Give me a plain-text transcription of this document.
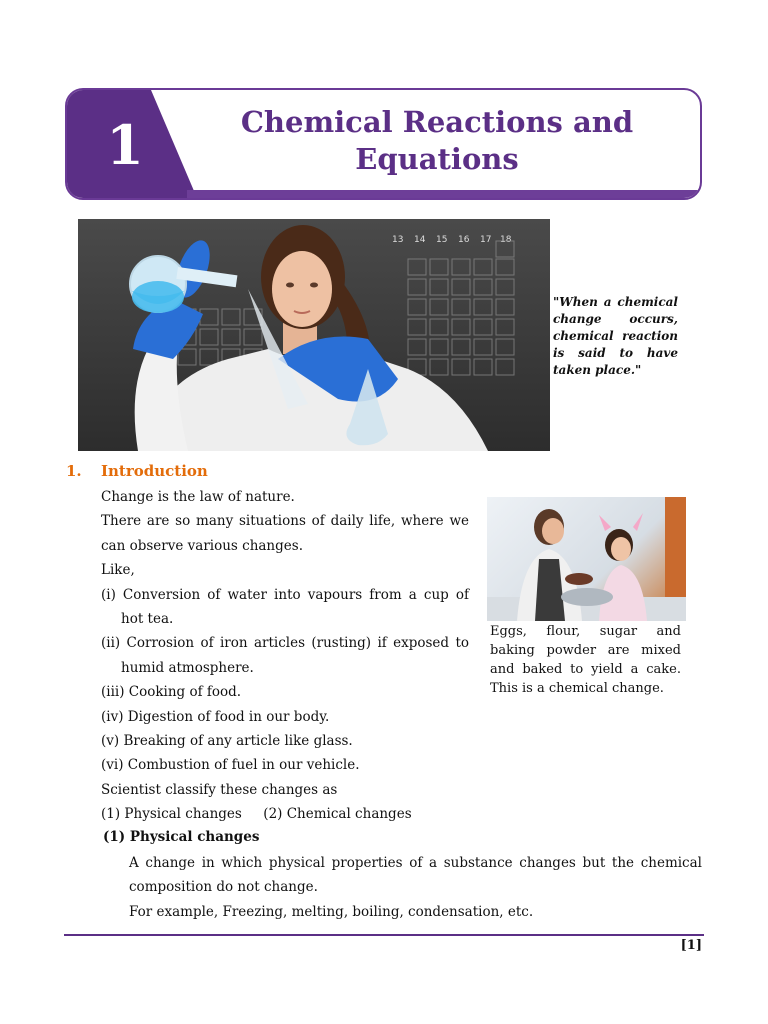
1	Chemical Reactions and
Equations
13 14 15 16 17 18
"When a chemical change occurs, chemical reaction is said to have taken place."
1. Introduction

Change is the law of nature.

There are so many situations of daily life, where we can observe various changes.

Like,

(i) Conversion of water into vapours from a cup of hot tea.

(ii) Corrosion of iron articles (rusting) if exposed to humid atmosphere.

(iii) Cooking of food.

(iv) Digestion of food in our body.

(v) Breaking of any article like glass.

(vi) Combustion of fuel in our vehicle.

Scientist classify these changes as

(1) Physical changes     (2) Chemical changes

Eggs, flour, sugar and baking powder are mixed and baked to yield a cake. This is a chemical change.
(1) Physical changes

A change in which physical properties of a substance changes but the chemical composition do not change.

For example, Freezing, melting, boiling, condensation, etc.

[1]
